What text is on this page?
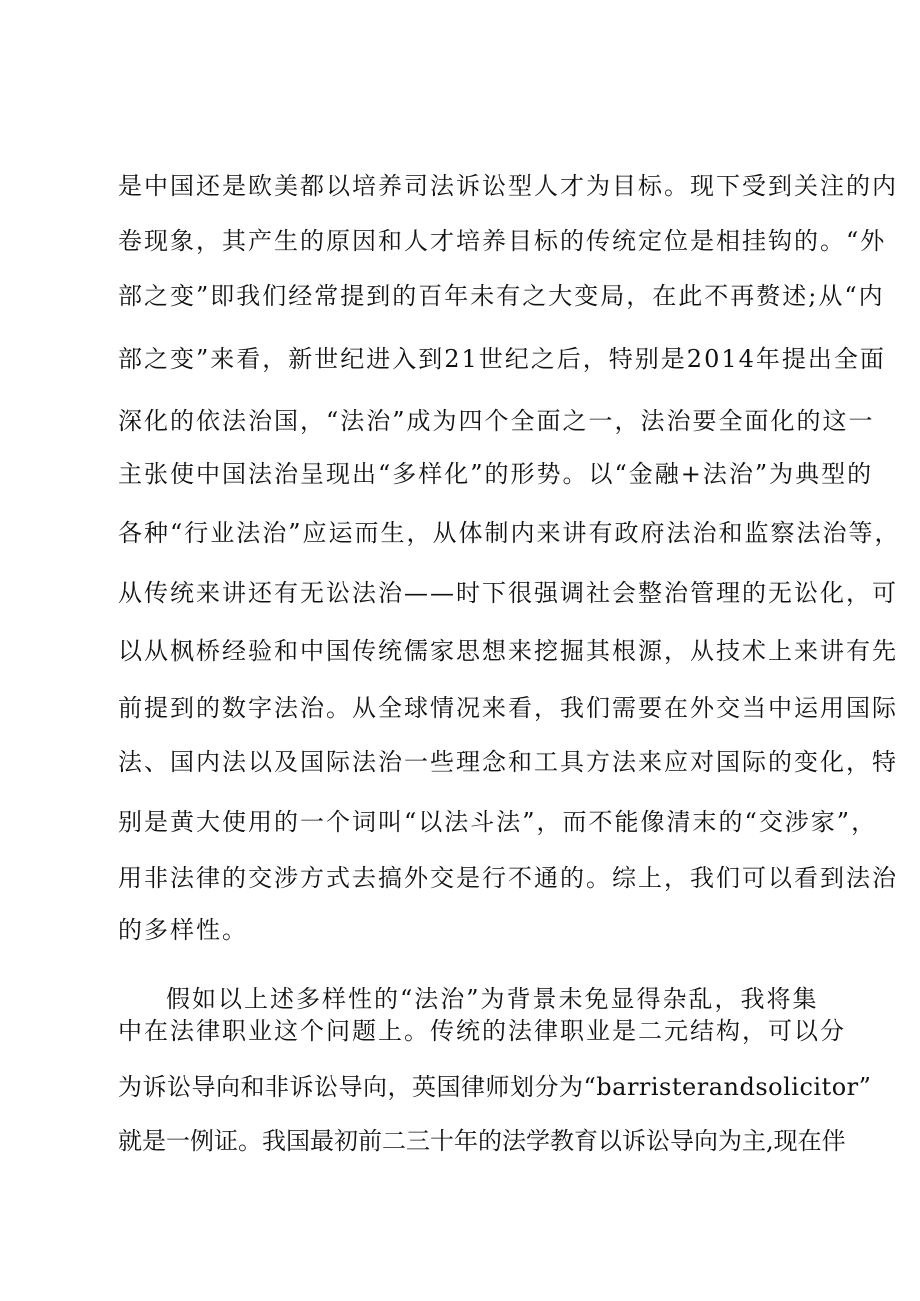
是中国还是欧美都以培养司法诉讼型人才为目标。现下受到关注的内
卷现象，其产生的原因和人才培养目标的传统定位是相挂钩的。“外
部之变”即我们经常提到的百年未有之大变局，在此不再赘述;从“内
部之变”来看，新世纪进入到21世纪之后，特别是2014年提出全面
深化的依法治国，“法治”成为四个全面之一，法治要全面化的这一
主张使中国法治呈现出“多样化”的形势。以“金融+法治”为典型的
各种“行业法治”应运而生，从体制内来讲有政府法治和监察法治等，
从传统来讲还有无讼法治——时下很强调社会整治管理的无讼化，可
以从枫桥经验和中国传统儒家思想来挖掘其根源，从技术上来讲有先
前提到的数字法治。从全球情况来看，我们需要在外交当中运用国际
法、国内法以及国际法治一些理念和工具方法来应对国际的变化，特
别是黄大使用的一个词叫“以法斗法”，而不能像清末的“交涉家”，
用非法律的交涉方式去搞外交是行不通的。综上，我们可以看到法治
的多样性。
假如以上述多样性的“法治”为背景未免显得杂乱，我将集
中在法律职业这个问题上。传统的法律职业是二元结构，可以分
为诉讼导向和非诉讼导向，英国律师划分为“barristerandsolicitor”
就是一例证。我国最初前二三十年的法学教育以诉讼导向为主,现在伴
